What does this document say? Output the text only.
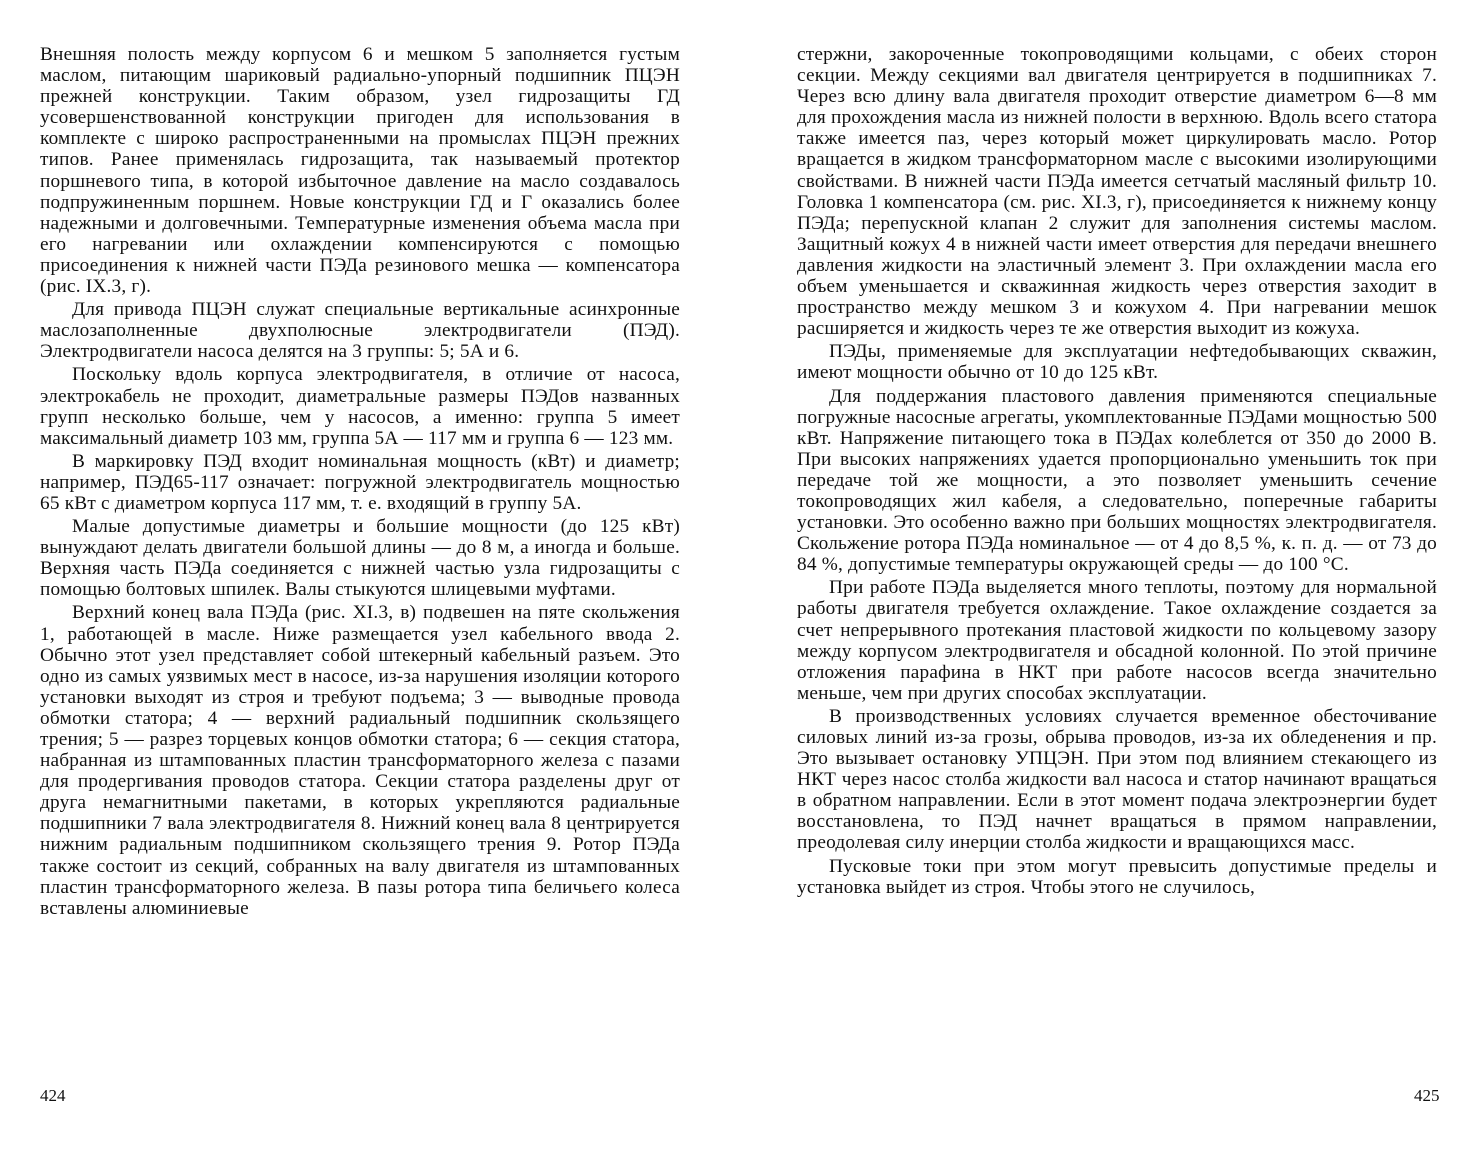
Внешняя полость между корпусом 6 и мешком 5 заполняется густым маслом, питающим шариковый радиально-упорный подшипник ПЦЭН прежней конструкции. Таким образом, узел гидрозащиты ГД усовершенствованной конструкции пригоден для использования в комплекте с широко распространенными на промыслах ПЦЭН прежних типов. Ранее применялась гидрозащита, так называемый протектор поршневого типа, в которой избыточное давление на масло создавалось подпружиненным поршнем. Новые конструкции ГД и Г оказались более надежными и долговечными. Температурные изменения объема масла при его нагревании или охлаждении компенсируются с помощью присоединения к нижней части ПЭДа резинового мешка — компенсатора (рис. IX.3, г).

Для привода ПЦЭН служат специальные вертикальные асинхронные маслозаполненные двухполюсные электродвигатели (ПЭД). Электродвигатели насоса делятся на 3 группы: 5; 5А и 6.

Поскольку вдоль корпуса электродвигателя, в отличие от насоса, электрокабель не проходит, диаметральные размеры ПЭДов названных групп несколько больше, чем у насосов, а именно: группа 5 имеет максимальный диаметр 103 мм, группа 5А — 117 мм и группа 6 — 123 мм.

В маркировку ПЭД входит номинальная мощность (кВт) и диаметр; например, ПЭД65-117 означает: погружной электродвигатель мощностью 65 кВт с диаметром корпуса 117 мм, т. е. входящий в группу 5А.

Малые допустимые диаметры и большие мощности (до 125 кВт) вынуждают делать двигатели большой длины — до 8 м, а иногда и больше. Верхняя часть ПЭДа соединяется с нижней частью узла гидрозащиты с помощью болтовых шпилек. Валы стыкуются шлицевыми муфтами.

Верхний конец вала ПЭДа (рис. XI.3, в) подвешен на пяте скольжения 1, работающей в масле. Ниже размещается узел кабельного ввода 2. Обычно этот узел представляет собой штекерный кабельный разъем. Это одно из самых уязвимых мест в насосе, из-за нарушения изоляции которого установки выходят из строя и требуют подъема; 3 — выводные провода обмотки статора; 4 — верхний радиальный подшипник скользящего трения; 5 — разрез торцевых концов обмотки статора; 6 — секция статора, набранная из штампованных пластин трансформаторного железа с пазами для продергивания проводов статора. Секции статора разделены друг от друга немагнитными пакетами, в которых укрепляются радиальные подшипники 7 вала электродвигателя 8. Нижний конец вала 8 центрируется нижним радиальным подшипником скользящего трения 9. Ротор ПЭДа также состоит из секций, собранных на валу двигателя из штампованных пластин трансформаторного железа. В пазы ротора типа беличьего колеса вставлены алюминиевые

424

стержни, закороченные токопроводящими кольцами, с обеих сторон секции. Между секциями вал двигателя центрируется в подшипниках 7. Через всю длину вала двигателя проходит отверстие диаметром 6—8 мм для прохождения масла из нижней полости в верхнюю. Вдоль всего статора также имеется паз, через который может циркулировать масло. Ротор вращается в жидком трансформаторном масле с высокими изолирующими свойствами. В нижней части ПЭДа имеется сетчатый масляный фильтр 10. Головка 1 компенсатора (см. рис. XI.3, г), присоединяется к нижнему концу ПЭДа; перепускной клапан 2 служит для заполнения системы маслом. Защитный кожух 4 в нижней части имеет отверстия для передачи внешнего давления жидкости на эластичный элемент 3. При охлаждении масла его объем уменьшается и скважинная жидкость через отверстия заходит в пространство между мешком 3 и кожухом 4. При нагревании мешок расширяется и жидкость через те же отверстия выходит из кожуха.

ПЭДы, применяемые для эксплуатации нефтедобывающих скважин, имеют мощности обычно от 10 до 125 кВт.

Для поддержания пластового давления применяются специальные погружные насосные агрегаты, укомплектованные ПЭДами мощностью 500 кВт. Напряжение питающего тока в ПЭДах колеблется от 350 до 2000 В. При высоких напряжениях удается пропорционально уменьшить ток при передаче той же мощности, а это позволяет уменьшить сечение токопроводящих жил кабеля, а следовательно, поперечные габариты установки. Это особенно важно при больших мощностях электродвигателя. Скольжение ротора ПЭДа номинальное — от 4 до 8,5 %, к. п. д. — от 73 до 84 %, допустимые температуры окружающей среды — до 100 °С.

При работе ПЭДа выделяется много теплоты, поэтому для нормальной работы двигателя требуется охлаждение. Такое охлаждение создается за счет непрерывного протекания пластовой жидкости по кольцевому зазору между корпусом электродвигателя и обсадной колонной. По этой причине отложения парафина в НКТ при работе насосов всегда значительно меньше, чем при других способах эксплуатации.

В производственных условиях случается временное обесточивание силовых линий из-за грозы, обрыва проводов, из-за их обледенения и пр. Это вызывает остановку УПЦЭН. При этом под влиянием стекающего из НКТ через насос столба жидкости вал насоса и статор начинают вращаться в обратном направлении. Если в этот момент подача электроэнергии будет восстановлена, то ПЭД начнет вращаться в прямом направлении, преодолевая силу инерции столба жидкости и вращающихся масс.

Пусковые токи при этом могут превысить допустимые пределы и установка выйдет из строя. Чтобы этого не случилось,

425
